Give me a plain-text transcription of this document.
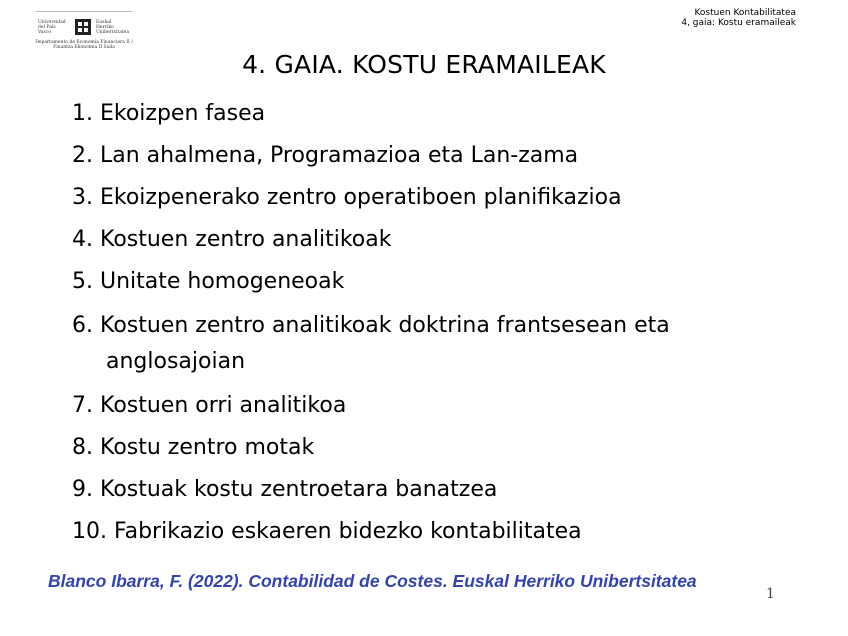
Universidad del País Vasco
Euskal Herriko Unibertsitatea
Departamento de Economía Financiera II / Finantza Ekonomia II Saila
Kostuen Kontabilitatea
4, gaia: Kostu eramaileak
4. GAIA. KOSTU ERAMAILEAK
1. Ekoizpen fasea
2. Lan ahalmena, Programazioa eta Lan-zama
3. Ekoizpenerako zentro operatiboen planifikazioa
4. Kostuen zentro analitikoak
5. Unitate homogeneoak
6. Kostuen zentro analitikoak doktrina frantsesean eta
anglosajoian
7. Kostuen orri analitikoa
8. Kostu zentro motak
9. Kostuak kostu zentroetara banatzea
10. Fabrikazio eskaeren bidezko kontabilitatea
Blanco Ibarra, F. (2022). Contabilidad de Costes. Euskal Herriko Unibertsitatea
1
